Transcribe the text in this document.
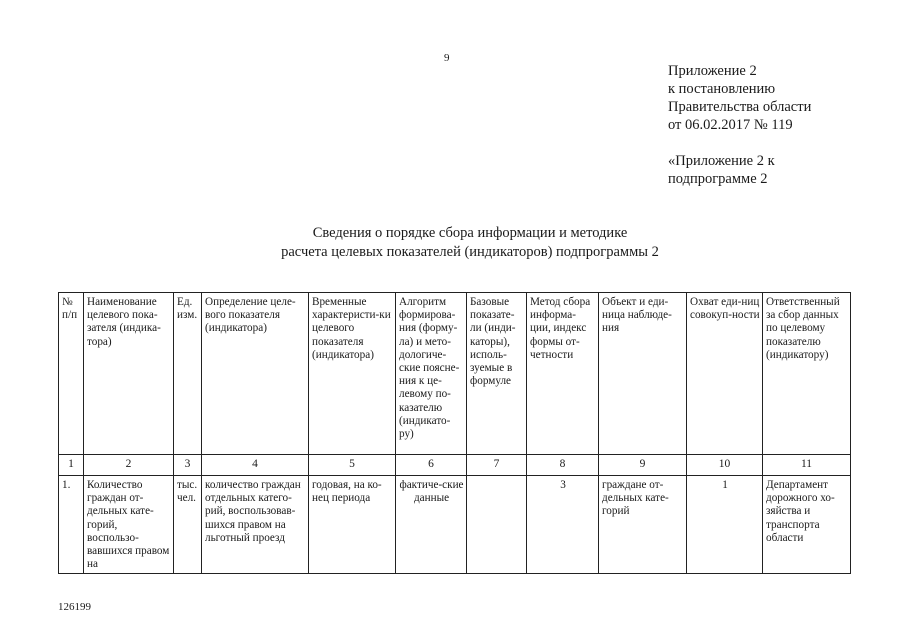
9
Приложение 2
к постановлению
Правительства области
от 06.02.2017 № 119
«Приложение 2 к
подпрограмме 2
Сведения о порядке сбора информации и методике
расчета целевых показателей (индикаторов) подпрограммы 2
№ п/п	Наименование целевого пока-зателя (индика-тора)	Ед. изм.	Определение целе-вого показателя (индикатора)	Временные характеристи-ки целевого показателя (индикатора)	Алгоритм формирова-ния (форму-ла) и мето-дологиче-ские поясне-ния к це-левому по-казателю (индикато-ру)	Базовые показате-ли (инди-каторы), исполь-зуемые в формуле	Метод сбора информа-ции, индекс формы от-четности	Объект и еди-ница наблюде-ния	Охват еди-ниц совокуп-ности	Ответственный за сбор данных по целевому показателю (индикатору)
1	2	3	4	5	6	7	8	9	10	11
1.	Количество граждан от-дельных кате-горий, воспользо-вавшихся правом на	тыс. чел.	количество граждан отдельных катего-рий, воспользовав-шихся правом на льготный проезд	годовая, на ко-нец периода	фактиче-ские данные		3	граждане от-дельных кате-горий	1	Департамент дорожного хо-зяйства и транспорта области
126199
